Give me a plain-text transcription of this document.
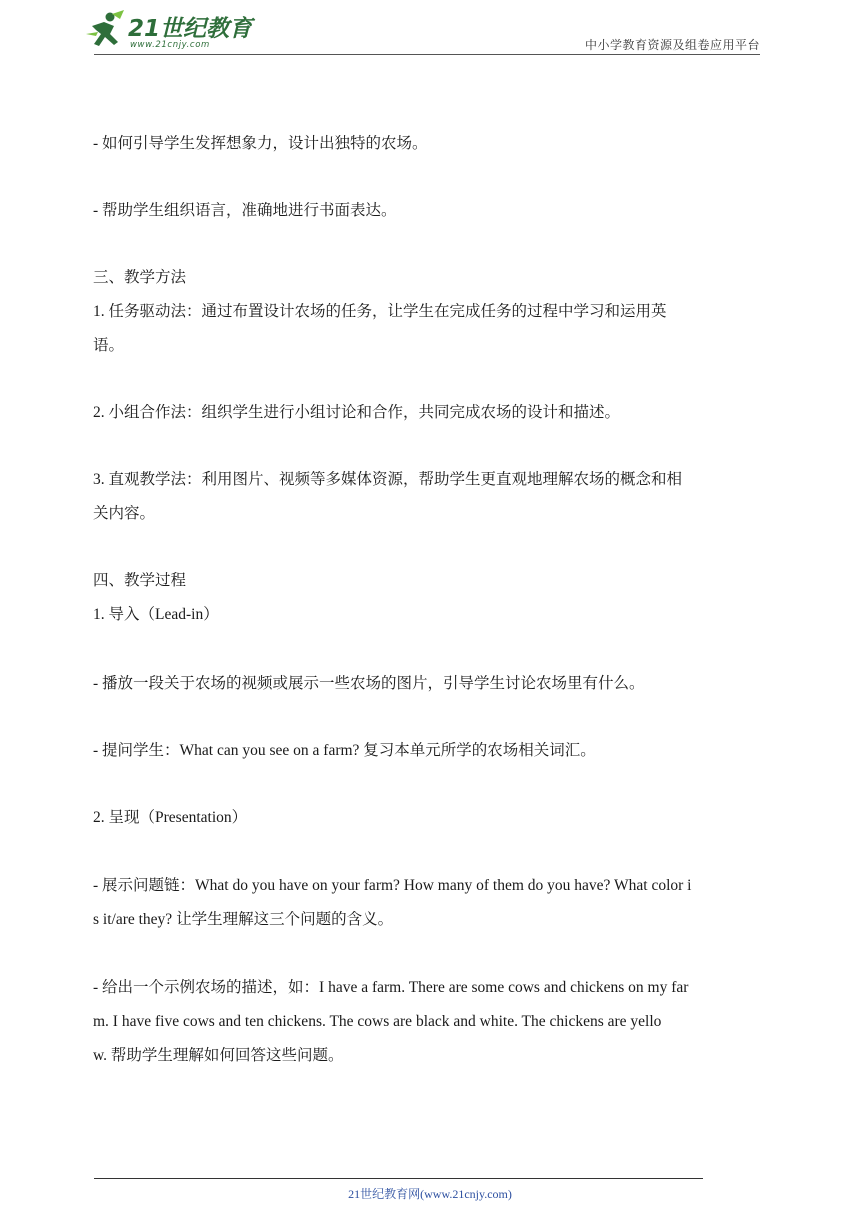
21世纪教育
www.21cnjy.com	中小学教育资源及组卷应用平台
- 如何引导学生发挥想象力，设计出独特的农场。
- 帮助学生组织语言，准确地进行书面表达。
三、教学方法
1. 任务驱动法：通过布置设计农场的任务，让学生在完成任务的过程中学习和运用英
语。
2. 小组合作法：组织学生进行小组讨论和合作，共同完成农场的设计和描述。
3. 直观教学法：利用图片、视频等多媒体资源，帮助学生更直观地理解农场的概念和相
关内容。
四、教学过程
1. 导入（Lead-in）
- 播放一段关于农场的视频或展示一些农场的图片，引导学生讨论农场里有什么。
- 提问学生：What can you see on a farm? 复习本单元所学的农场相关词汇。
2. 呈现（Presentation）
- 展示问题链：What do you have on your farm? How many of them do you have? What color i
s it/are they? 让学生理解这三个问题的含义。
- 给出一个示例农场的描述，如：I have a farm. There are some cows and chickens on my far
m. I have five cows and ten chickens. The cows are black and white. The chickens are yello
w. 帮助学生理解如何回答这些问题。
21世纪教育网(www.21cnjy.com)
